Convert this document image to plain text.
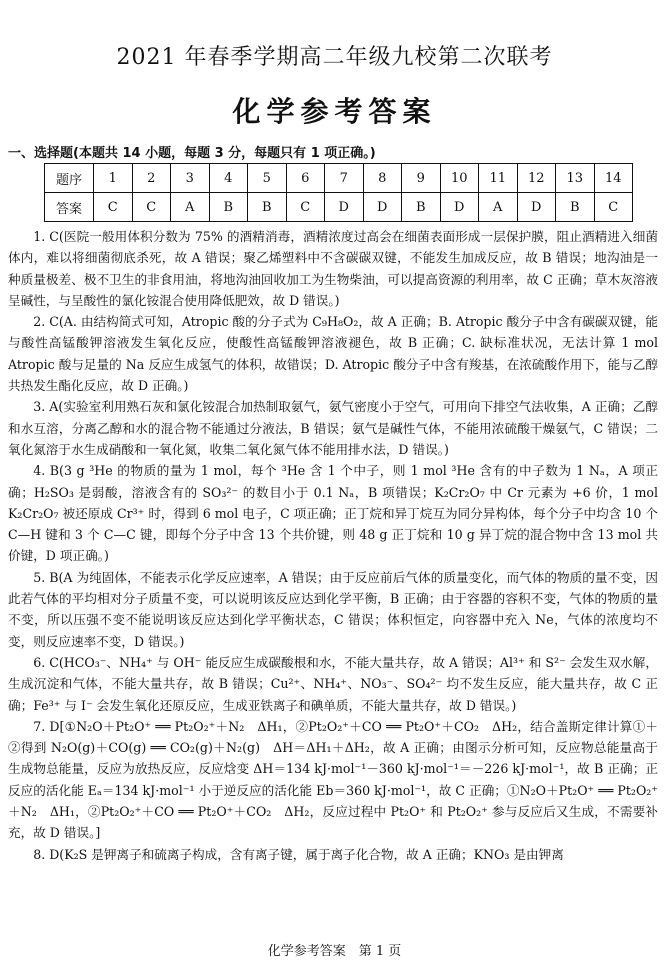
2021 年春季学期高二年级九校第二次联考
化学参考答案
一、选择题(本题共 14 小题，每题 3 分，每题只有 1 项正确。)
题序	1	2	3	4	5	6	7	8	9	10	11	12	13	14
答案	C	C	A	B	B	C	D	D	B	D	A	D	B	C

1. C(医院一般用体积分数为 75% 的酒精消毒，酒精浓度过高会在细菌表面形成一层保护膜，阻止酒精进入细菌体内，难以将细菌彻底杀死，故 A 错误；聚乙烯塑料中不含碳碳双键，不能发生加成反应，故 B 错误；地沟油是一种质量极差、极不卫生的非食用油，将地沟油回收加工为生物柴油，可以提高资源的利用率，故 C 正确；草木灰溶液呈碱性，与呈酸性的氯化铵混合使用降低肥效，故 D 错误。)

2. C(A. 由结构简式可知，Atropic 酸的分子式为 C₉H₈O₂，故 A 正确；B. Atropic 酸分子中含有碳碳双键，能与酸性高锰酸钾溶液发生氧化反应，使酸性高锰酸钾溶液褪色，故 B 正确；C. 缺标准状况，无法计算 1 mol Atropic 酸与足量的 Na 反应生成氢气的体积，故错误；D. Atropic 酸分子中含有羧基，在浓硫酸作用下，能与乙醇共热发生酯化反应，故 D 正确。)

3. A(实验室利用熟石灰和氯化铵混合加热制取氨气，氨气密度小于空气，可用向下排空气法收集，A 正确；乙醇和水互溶，分离乙醇和水的混合物不能通过分液法，B 错误；氨气是碱性气体，不能用浓硫酸干燥氨气，C 错误；二氧化氮溶于水生成硝酸和一氧化氮，收集二氧化氮气体不能用排水法，D 错误。)

4. B(3 g ³He 的物质的量为 1 mol，每个 ³He 含 1 个中子，则 1 mol ³He 含有的中子数为 1 Nₐ，A 项正确；H₂SO₃ 是弱酸，溶液含有的 SO₃²⁻ 的数目小于 0.1 Nₐ，B 项错误；K₂Cr₂O₇ 中 Cr 元素为 +6 价，1 mol K₂Cr₂O₇ 被还原成 Cr³⁺ 时，得到 6 mol 电子，C 项正确；正丁烷和异丁烷互为同分异构体，每个分子中均含 10 个 C—H 键和 3 个 C—C 键，即每个分子中含 13 个共价键，则 48 g 正丁烷和 10 g 异丁烷的混合物中含 13 mol 共价键，D 项正确。)

5. B(A 为纯固体，不能表示化学反应速率，A 错误；由于反应前后气体的质量变化，而气体的物质的量不变，因此若气体的平均相对分子质量不变，可以说明该反应达到化学平衡，B 正确；由于容器的容积不变，气体的物质的量不变，所以压强不变不能说明该反应达到化学平衡状态，C 错误；体积恒定，向容器中充入 Ne，气体的浓度均不变，则反应速率不变，D 错误。)

6. C(HCO₃⁻、NH₄⁺ 与 OH⁻ 能反应生成碳酸根和水，不能大量共存，故 A 错误；Al³⁺ 和 S²⁻ 会发生双水解，生成沉淀和气体，不能大量共存，故 B 错误；Cu²⁺、NH₄⁺、NO₃⁻、SO₄²⁻ 均不发生反应，能大量共存，故 C 正确；Fe³⁺ 与 I⁻ 会发生氧化还原反应，生成亚铁离子和碘单质，不能大量共存，故 D 错误。)

7. D[①N₂O＋Pt₂O⁺ ══ Pt₂O₂⁺＋N₂　ΔH₁，②Pt₂O₂⁺＋CO ══ Pt₂O⁺＋CO₂　ΔH₂，结合盖斯定律计算①＋②得到 N₂O(g)＋CO(g) ══ CO₂(g)＋N₂(g)　ΔH＝ΔH₁＋ΔH₂，故 A 正确；由图示分析可知，反应物总能量高于生成物总能量，反应为放热反应，反应焓变 ΔH＝134 kJ·mol⁻¹－360 kJ·mol⁻¹＝－226 kJ·mol⁻¹，故 B 正确；正反应的活化能 Eₐ＝134 kJ·mol⁻¹ 小于逆反应的活化能 Eb＝360 kJ·mol⁻¹，故 C 正确；①N₂O＋Pt₂O⁺ ══ Pt₂O₂⁺＋N₂　ΔH₁，②Pt₂O₂⁺＋CO ══ Pt₂O⁺＋CO₂　ΔH₂，反应过程中 Pt₂O⁺ 和 Pt₂O₂⁺ 参与反应后又生成，不需要补充，故 D 错误。]

8. D(K₂S 是钾离子和硫离子构成，含有离子键，属于离子化合物，故 A 正确；KNO₃ 是由钾离

化学参考答案　第 1 页
